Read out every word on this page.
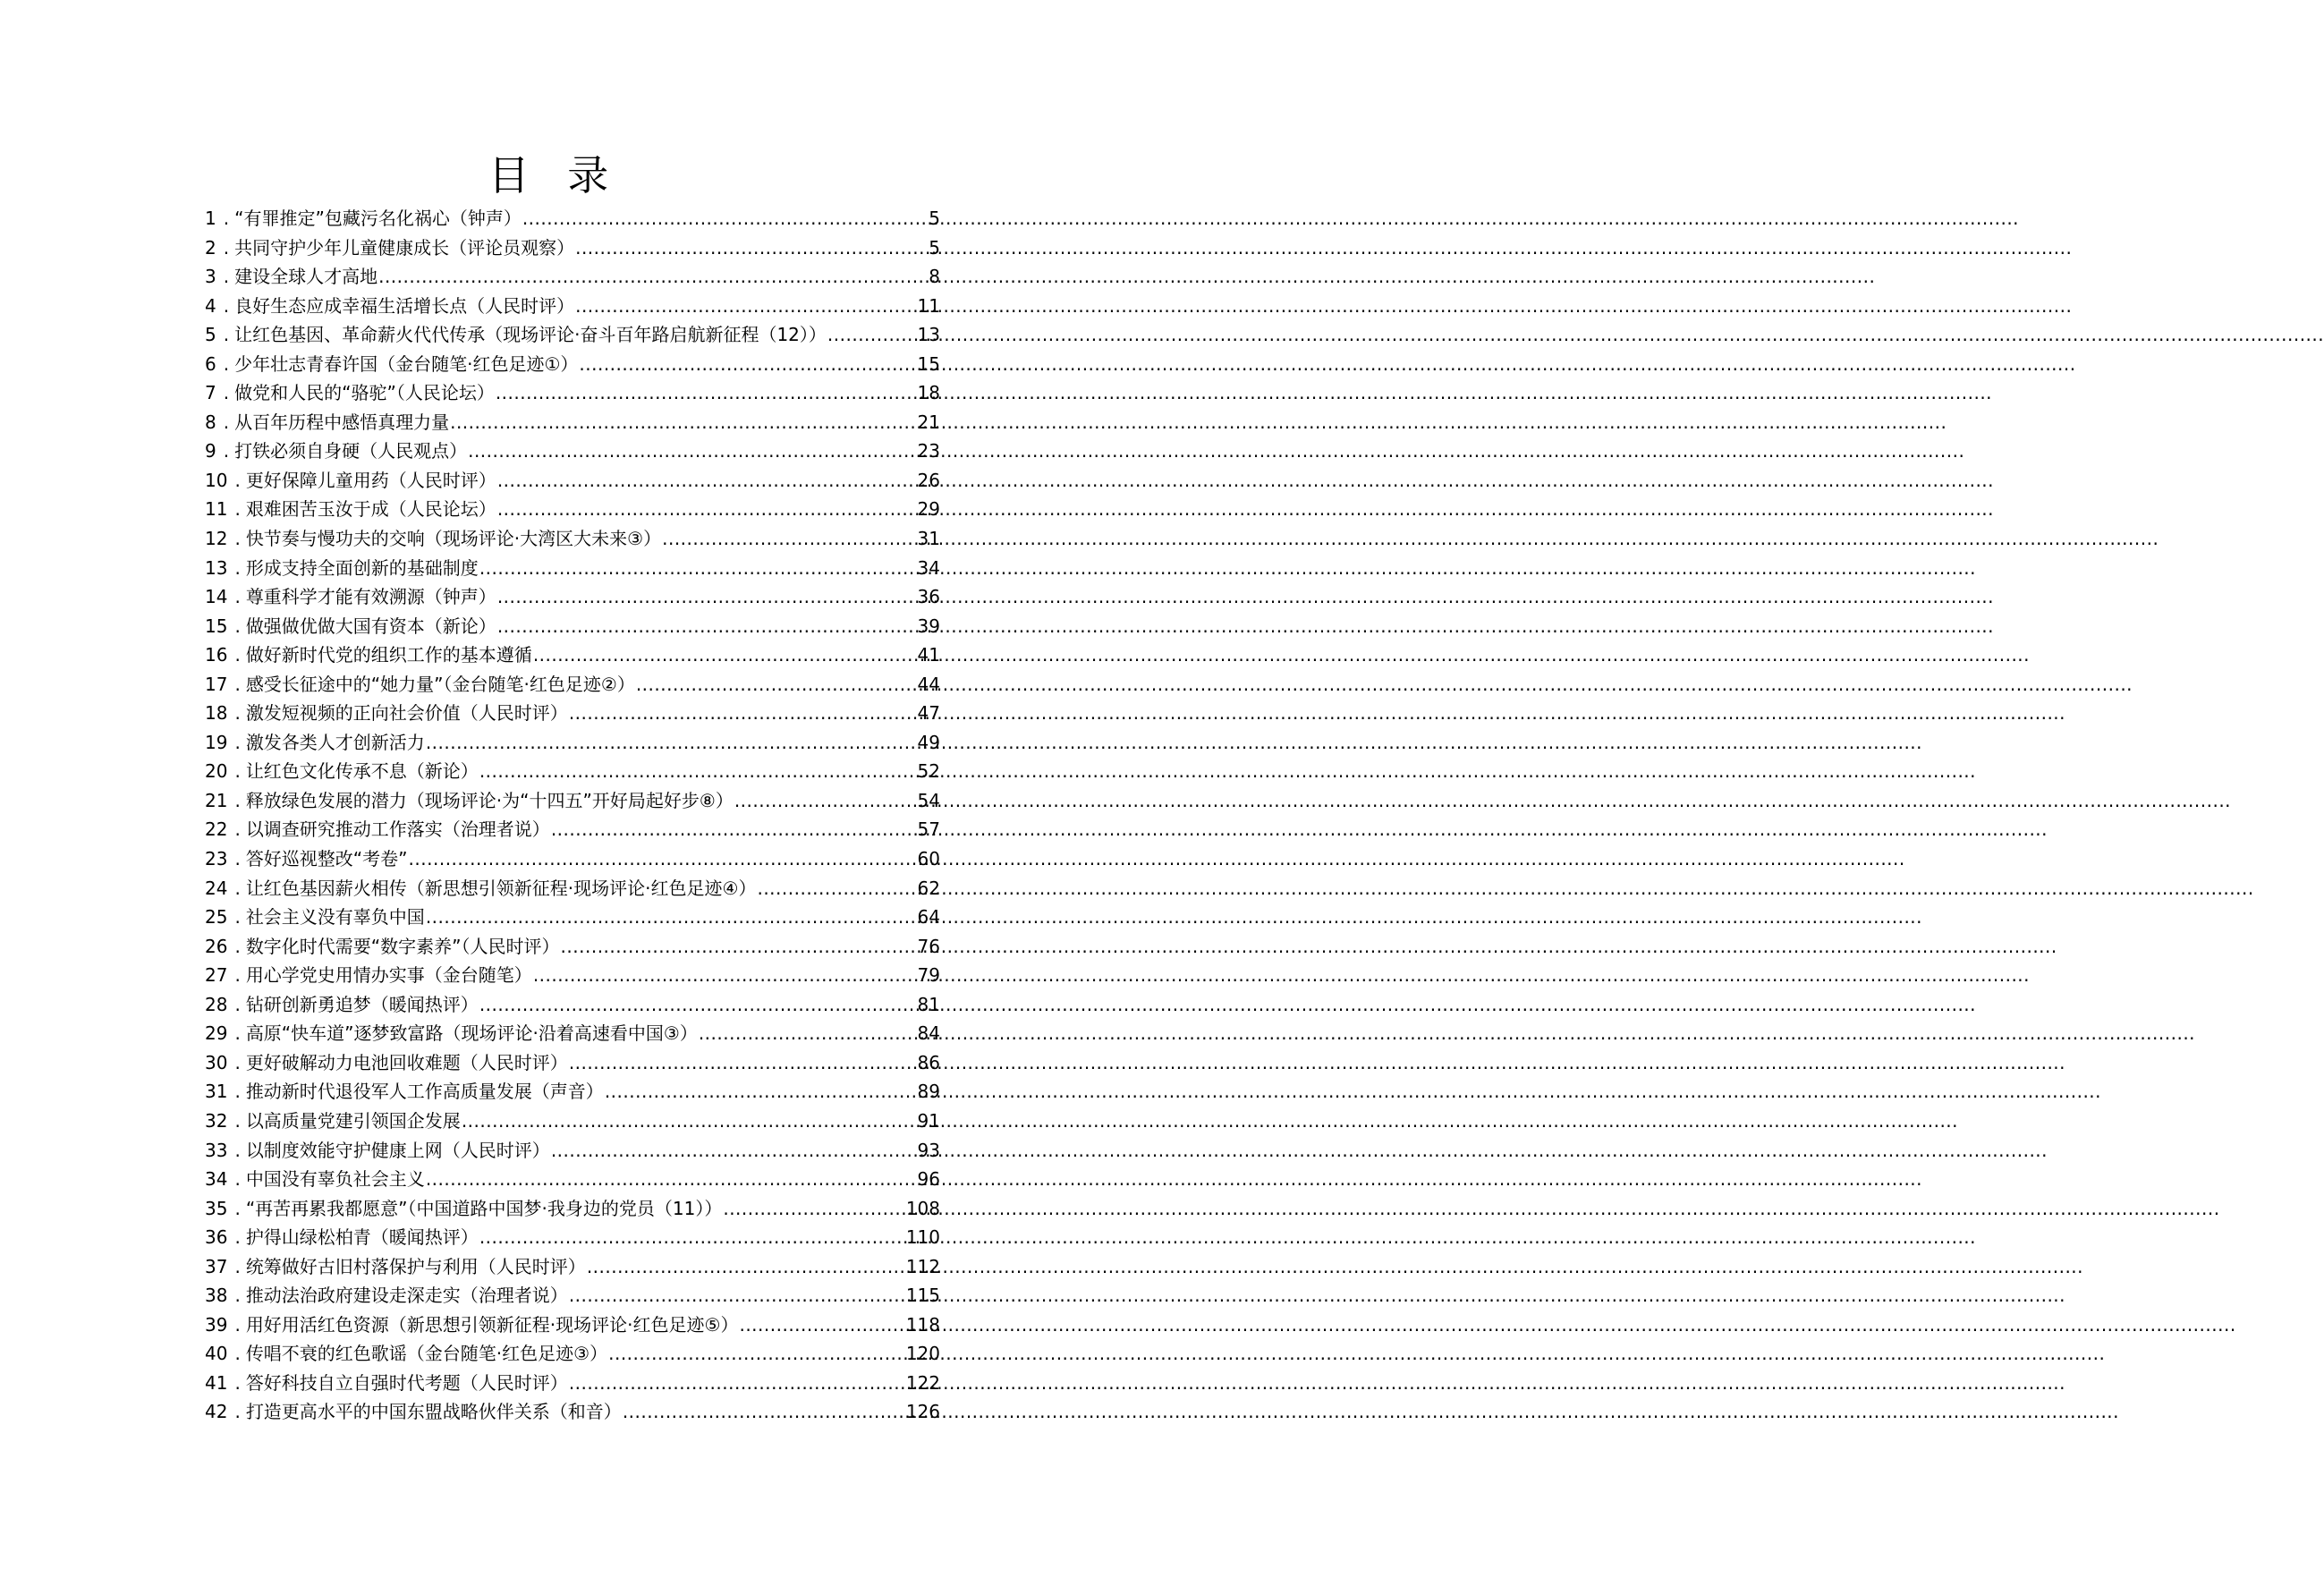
目 录
1 . “有罪推定”包藏污名化祸心（钟声） .....	5
2 . 共同守护少年儿童健康成长（评论员观察） .....	5
3 . 建设全球人才高地 .....	8
4 . 良好生态应成幸福生活增长点（人民时评） .....	11
5 . 让红色基因、革命薪火代代传承（现场评论·奋斗百年路启航新征程（12）） .....	13
6 . 少年壮志青春许国（金台随笔·红色足迹①） .....	15
7 . 做党和人民的“骆驼”（人民论坛） .....	18
8 . 从百年历程中感悟真理力量 .....	21
9 . 打铁必须自身硬（人民观点） .....	23
10 . 更好保障儿童用药（人民时评） .....	26
11 . 艰难困苦玉汝于成（人民论坛） .....	29
12 . 快节奏与慢功夫的交响（现场评论·大湾区大未来③） .....	31
13 . 形成支持全面创新的基础制度 .....	34
14 . 尊重科学才能有效溯源（钟声） .....	36
15 . 做强做优做大国有资本（新论） .....	39
16 . 做好新时代党的组织工作的基本遵循 .....	41
17 . 感受长征途中的“她力量”（金台随笔·红色足迹②） .....	44
18 . 激发短视频的正向社会价值（人民时评） .....	47
19 . 激发各类人才创新活力 .....	49
20 . 让红色文化传承不息（新论） .....	52
21 . 释放绿色发展的潜力（现场评论·为“十四五”开好局起好步⑧） .....	54
22 . 以调查研究推动工作落实（治理者说） .....	57
23 . 答好巡视整改“考卷” .....	60
24 . 让红色基因薪火相传（新思想引领新征程·现场评论·红色足迹④） .....	62
25 . 社会主义没有辜负中国 .....	64
26 . 数字化时代需要“数字素养”（人民时评） .....	76
27 . 用心学党史用情办实事（金台随笔） .....	79
28 . 钻研创新勇追梦（暖闻热评） .....	81
29 . 高原“快车道”逐梦致富路（现场评论·沿着高速看中国③） .....	84
30 . 更好破解动力电池回收难题（人民时评） .....	86
31 . 推动新时代退役军人工作高质量发展（声音） .....	89
32 . 以高质量党建引领国企发展 .....	91
33 . 以制度效能守护健康上网（人民时评） .....	93
34 . 中国没有辜负社会主义 .....	96
35 . “再苦再累我都愿意”（中国道路中国梦·我身边的党员（11）） .....	108
36 . 护得山绿松柏青（暖闻热评） .....	110
37 . 统筹做好古旧村落保护与利用（人民时评） .....	112
38 . 推动法治政府建设走深走实（治理者说） .....	115
39 . 用好用活红色资源（新思想引领新征程·现场评论·红色足迹⑤） .....	118
40 . 传唱不衰的红色歌谣（金台随笔·红色足迹③） .....	120
41 . 答好科技自立自强时代考题（人民时评） .....	122
42 . 打造更高水平的中国东盟战略伙伴关系（和音） .....	126
